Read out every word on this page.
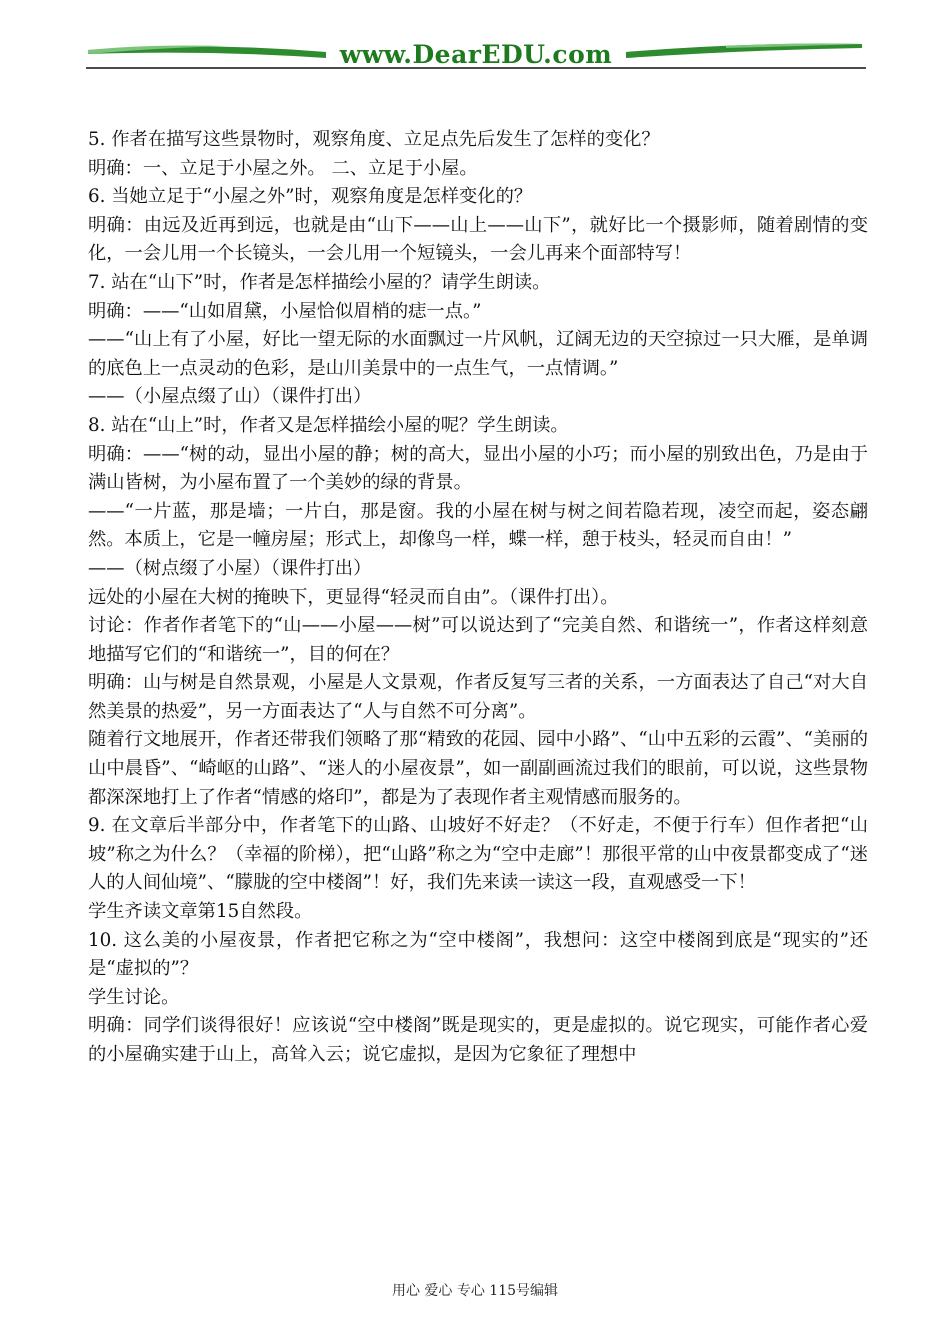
www.DearEDU.com

5. 作者在描写这些景物时，观察角度、立足点先后发生了怎样的变化？

明确：一、立足于小屋之外。 二、立足于小屋。

6. 当她立足于“小屋之外”时，观察角度是怎样变化的？

明确：由远及近再到远，也就是由“山下——山上——山下”，就好比一个摄影师，随着剧情的变化，一会儿用一个长镜头，一会儿用一个短镜头，一会儿再来个面部特写！

7. 站在“山下”时，作者是怎样描绘小屋的？请学生朗读。

明确：——“山如眉黛，小屋恰似眉梢的痣一点。”

——“山上有了小屋，好比一望无际的水面飘过一片风帆，辽阔无边的天空掠过一只大雁，是单调的底色上一点灵动的色彩，是山川美景中的一点生气，一点情调。”

——（小屋点缀了山）（课件打出）

8. 站在“山上”时，作者又是怎样描绘小屋的呢？学生朗读。

明确：——“树的动，显出小屋的静；树的高大，显出小屋的小巧；而小屋的别致出色，乃是由于满山皆树，为小屋布置了一个美妙的绿的背景。

——“一片蓝，那是墙；一片白，那是窗。我的小屋在树与树之间若隐若现，凌空而起，姿态翩然。本质上，它是一幢房屋；形式上，却像鸟一样，蝶一样，憩于枝头，轻灵而自由！”

——（树点缀了小屋）（课件打出）

远处的小屋在大树的掩映下，更显得“轻灵而自由”。（课件打出）。

讨论：作者作者笔下的“山——小屋——树”可以说达到了“完美自然、和谐统一”，作者这样刻意地描写它们的“和谐统一”，目的何在？

明确：山与树是自然景观，小屋是人文景观，作者反复写三者的关系，一方面表达了自己“对大自然美景的热爱”，另一方面表达了“人与自然不可分离”。

随着行文地展开，作者还带我们领略了那“精致的花园、园中小路”、“山中五彩的云霞”、“美丽的山中晨昏”、“崎岖的山路”、“迷人的小屋夜景”，如一副副画流过我们的眼前，可以说，这些景物都深深地打上了作者“情感的烙印”，都是为了表现作者主观情感而服务的。

9. 在文章后半部分中，作者笔下的山路、山坡好不好走？（不好走，不便于行车）但作者把“山坡”称之为什么？（幸福的阶梯），把“山路”称之为“空中走廊”！那很平常的山中夜景都变成了“迷人的人间仙境”、“朦胧的空中楼阁”！好，我们先来读一读这一段，直观感受一下！

学生齐读文章第15自然段。

10. 这么美的小屋夜景，作者把它称之为“空中楼阁”，我想问：这空中楼阁到底是“现实的”还是“虚拟的”？

学生讨论。

明确：同学们谈得很好！应该说“空中楼阁”既是现实的，更是虚拟的。说它现实，可能作者心爱的小屋确实建于山上，高耸入云；说它虚拟，是因为它象征了理想中

用心 爱心 专心 115号编辑
